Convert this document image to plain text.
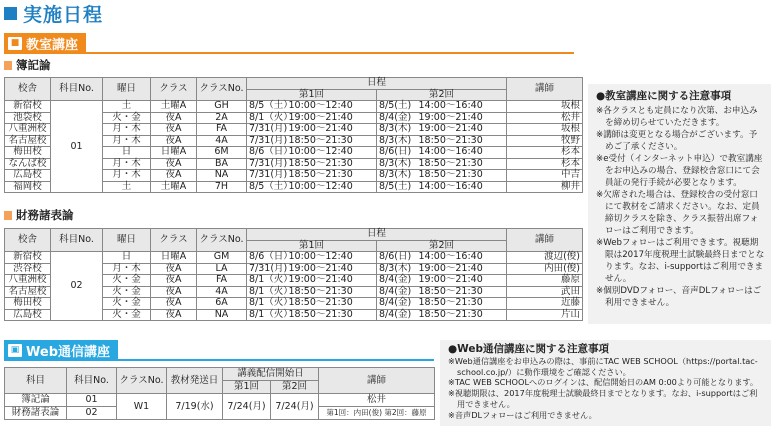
実施日程
■ 教室講座
簿記論
校舎	科目No.	曜日	クラス	クラスNo.	日程				講師
					第1回		第2回		
新宿校	01	土	土曜A	GH	8/5（土）	10:00～12:40	8/5(土)	14:00～16:40	坂根
池袋校		火・金	夜A	2A	8/1（火）	19:00～21:40	8/4(金)	19:00～21:40	松井
八重洲校		月・木	夜A	FA	7/31(月)	19:00～21:40	8/3(木)	19:00～21:40	坂根
名古屋校		月・木	夜A	4A	7/31(月)	18:50～21:30	8/3(木)	18:50～21:30	牧野
梅田校		日	日曜A	6M	8/6（日）	10:00～12:40	8/6(日)	14:00～16:40	杉本
なんば校		月・木	夜A	BA	7/31(月)	18:50～21:30	8/3(木)	18:50～21:30	杉本
広島校		月・木	夜A	NA	7/31(月)	18:50～21:30	8/3(木)	18:50～21:30	中吉
福岡校		土	土曜A	7H	8/5（土）	10:00～12:40	8/5(土)	14:00～16:40	柳井
財務諸表論
校舎	科目No.	曜日	クラス	クラスNo.	日程				講師
					第1回		第2回		
新宿校	02	日	日曜A	GM	8/6（日）	10:00～12:40	8/6(日)	14:00～16:40	渡辺(俊)
渋谷校		月・木	夜A	LA	7/31(月)	19:00～21:40	8/3(木)	19:00～21:40	内田(俊)
八重洲校		火・金	夜A	FA	8/1（火）	19:00～21:40	8/4(金)	19:00～21:40	藤原
名古屋校		火・金	夜A	4A	8/1（火）	18:50～21:30	8/4(金)	18:50～21:30	武田
梅田校		火・金	夜A	6A	8/1（火）	18:50～21:30	8/4(金)	18:50～21:30	近藤
広島校		火・金	夜A	NA	8/1（火）	18:50～21:30	8/4(金)	18:50～21:30	片山
●教室講座に関する注意事項
※各クラスとも定員になり次第、お申込みを締め切らせていただきます。
※講師は変更となる場合がございます。予めご了承ください。
※e受付（インターネット申込）で教室講座をお申込みの場合、登録校舎窓口にて会員証の発行手続が必要となります。
※欠席された場合は、登録校舎の受付窓口にて教材をご請求ください。なお、定員締切クラスを除き、クラス振替出席フォローはご利用できます。
※Webフォローはご利用できます。視聴期限は2017年度税理士試験最終日までとなります。なお、i-supportはご利用できません。
※個別DVDフォロー、音声DLフォローはご利用できません。
▣ Web通信講座
科目	科目No.	クラスNo.	教材発送日	講義配信開始日		講師
				第1回	第2回	
簿記論	01	W1	7/19(水)	7/24(月)	7/24(月)	松井
財務諸表論	02					第1回：内田(俊) 第2回：藤原
●Web通信講座に関する注意事項
※Web通信講座をお申込みの際は、事前にTAC WEB SCHOOL（https://portal.tac-school.co.jp/）に動作環境をご確認ください。
※TAC WEB SCHOOLへのログインは、配信開始日のAM 0:00より可能となります。
※視聴期限は、2017年度税理士試験最終日までとなります。なお、i-supportはご利用できません。
※音声DLフォローはご利用できません。
